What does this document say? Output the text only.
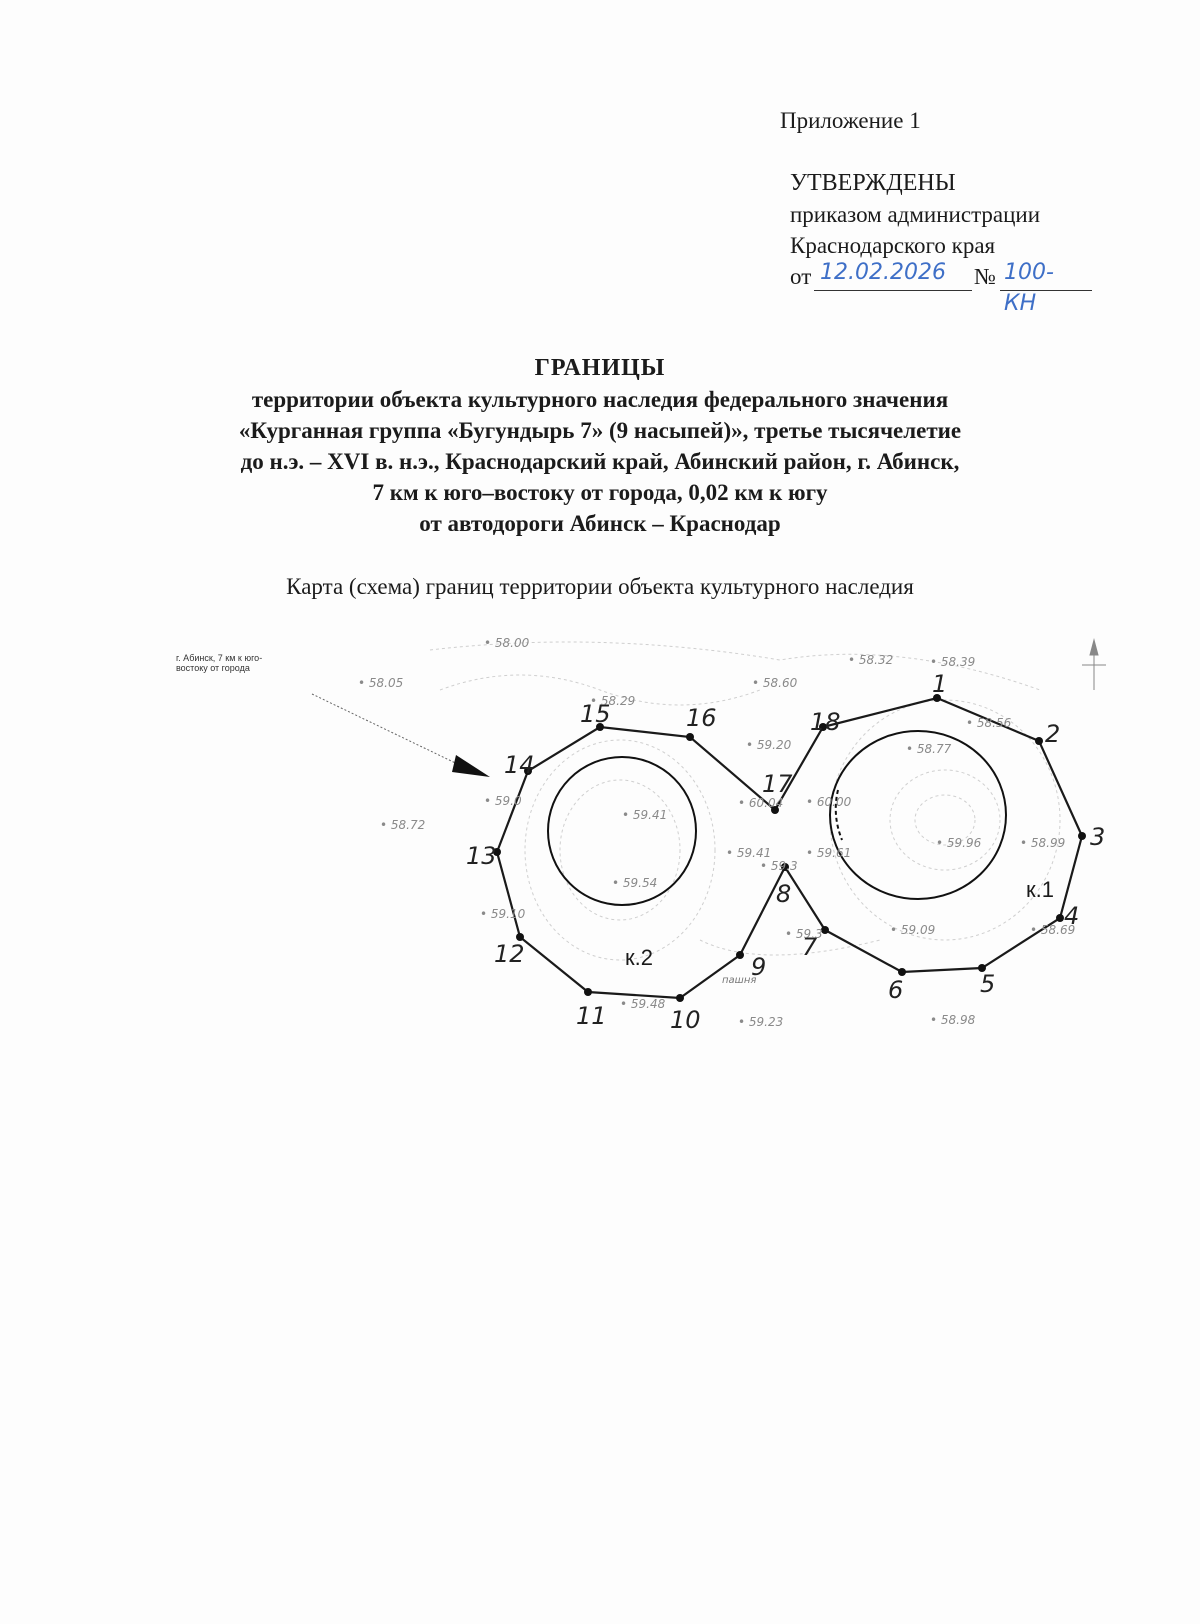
Приложение 1
УТВЕРЖДЕНЫ
приказом администрации
Краснодарского края
от 12.02.2026 № 100-КН
ГРАНИЦЫ
территории объекта культурного наследия федерального значения
«Курганная группа «Бугундырь 7» (9 насыпей)», третье тысячелетие
до н.э. – XVI в. н.э., Краснодарский край, Абинский район, г. Абинск,
7 км к юго–востоку от города, 0,02 км к югу
от автодороги Абинск – Краснодар
Карта (схема) границ территории объекта культурного наследия
г. Абинск, 7 км к юго-востоку от города
1
2
3
4
5
6
7
8
9
10
11
12
13
14
15	16
17
18
к.1
к.2
пашня
• 58.00
• 58.05
• 58.32	• 58.39
• 58.60
• 58.29
• 58.56
• 59.20	• 58.77
• 60.00
• 60.04
• 59.41
• 59.0
• 58.72
• 59.41	• 59.61
• 59.96	• 58.99
• 59.54
• 59.10
• 59.09	• 58.69
• 59.3
• 59.48
• 59.23	• 58.98
• 59.3
